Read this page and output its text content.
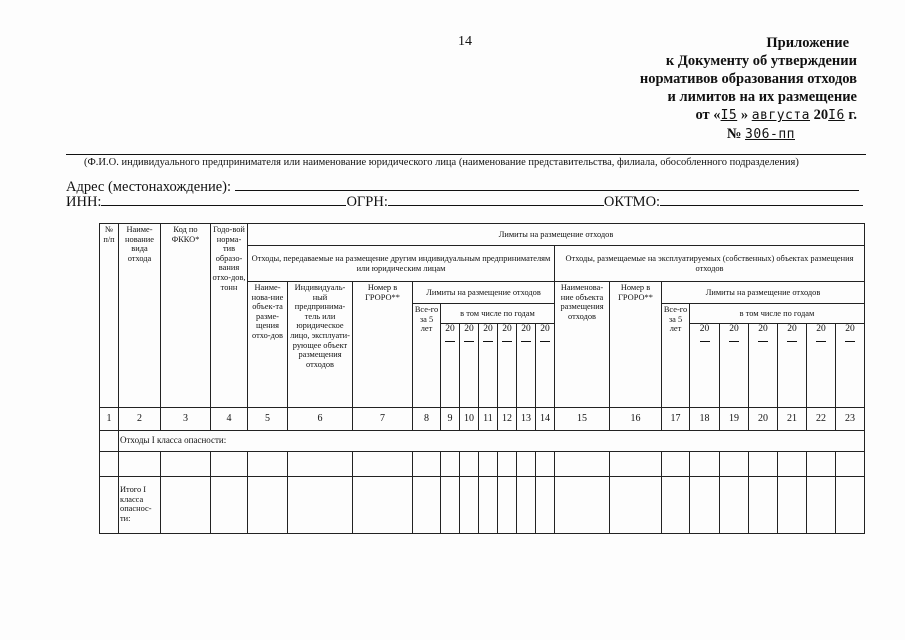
14	Приложение
к Документу об утверждении
нормативов образования отходов
и лимитов на их размещение
от «I5 » августа 20I6 г.
№ 306-пп
(Ф.И.О. индивидуального предпринимателя или наименование юридического лица (наименование представительства, филиала, обособленного подразделения)
Адрес (местонахождение):
ИНН:	ОГРН:	ОКТМО:
№ п/п	Наиме-нование вида отхода	Код по ФККО*	Годо-вой норма-тив образо-вания отхо-дов, тонн	Лимиты на размещение отходов																		
				Отходы, передаваемые на размещение другим индивидуальным предпринимателям или юридическим лицам										Отходы, размещаемые на эксплуатируемых (собственных) объектах размещения отходов								
				Наиме-нова-ние объек-та разме-щения отхо-дов	Индивидуаль-ный предпринима-тель или юридическое лицо, эксплуати-рующее объект размещения отходов	Номер в ГРОРО**	Лимиты на размещение отходов							Наименова-ние объекта размещения отходов	Номер в ГРОРО**	Лимиты на размещение отходов						
							Все-го за 5 лет	в том числе по годам								Все-го за 5 лет	в том числе по годам					
								20	20	20	20	20	20				20	20	20	20	20	20

1	2	3	4	5	6	7	8	9	10	11	12	13	14	15	16	17	18	19	20	21	22	23
	Отходы I класса опасности:																					

	Итого I класса опаснос-ти:																					
